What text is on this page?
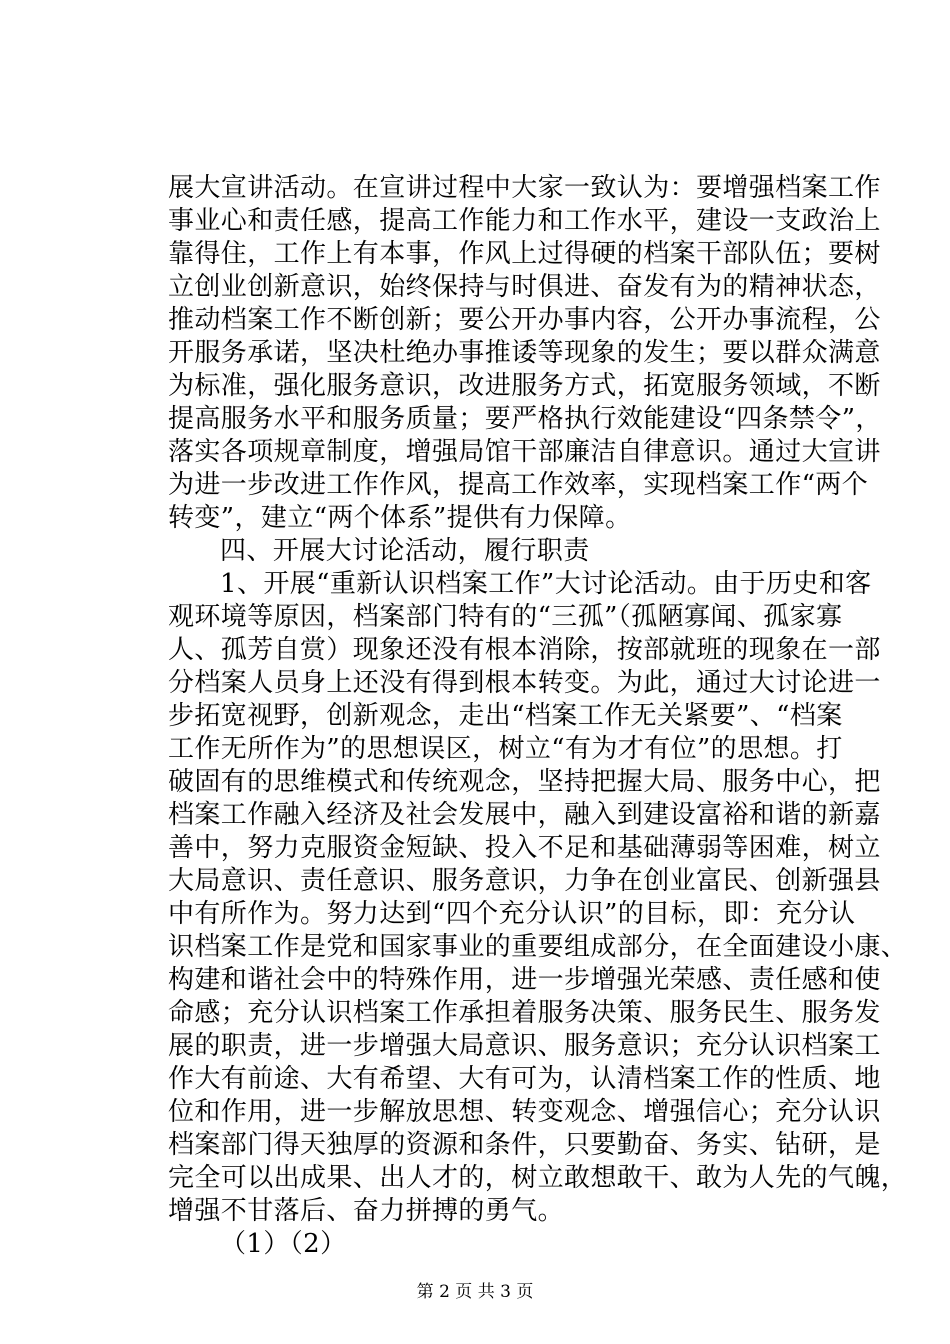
展大宣讲活动。在宣讲过程中大家一致认为：要增强档案工作
事业心和责任感，提高工作能力和工作水平，建设一支政治上
靠得住，工作上有本事，作风上过得硬的档案干部队伍；要树
立创业创新意识，始终保持与时俱进、奋发有为的精神状态，
推动档案工作不断创新；要公开办事内容，公开办事流程，公
开服务承诺，坚决杜绝办事推诿等现象的发生；要以群众满意
为标准，强化服务意识，改进服务方式，拓宽服务领域，不断
提高服务水平和服务质量；要严格执行效能建设“四条禁令”，
落实各项规章制度，增强局馆干部廉洁自律意识。通过大宣讲
为进一步改进工作作风，提高工作效率，实现档案工作“两个
转变”，建立“两个体系”提供有力保障。
四、开展大讨论活动，履行职责
1、开展“重新认识档案工作”大讨论活动。由于历史和客
观环境等原因，档案部门特有的“三孤”（孤陋寡闻、孤家寡
人、孤芳自赏）现象还没有根本消除，按部就班的现象在一部
分档案人员身上还没有得到根本转变。为此，通过大讨论进一
步拓宽视野，创新观念，走出“档案工作无关紧要”、“档案
工作无所作为”的思想误区，树立“有为才有位”的思想。打
破固有的思维模式和传统观念，坚持把握大局、服务中心，把
档案工作融入经济及社会发展中，融入到建设富裕和谐的新嘉
善中，努力克服资金短缺、投入不足和基础薄弱等困难，树立
大局意识、责任意识、服务意识，力争在创业富民、创新强县
中有所作为。努力达到“四个充分认识”的目标，即：充分认
识档案工作是党和国家事业的重要组成部分，在全面建设小康、
构建和谐社会中的特殊作用，进一步增强光荣感、责任感和使
命感；充分认识档案工作承担着服务决策、服务民生、服务发
展的职责，进一步增强大局意识、服务意识；充分认识档案工
作大有前途、大有希望、大有可为，认清档案工作的性质、地
位和作用，进一步解放思想、转变观念、增强信心；充分认识
档案部门得天独厚的资源和条件，只要勤奋、务实、钻研，是
完全可以出成果、出人才的，树立敢想敢干、敢为人先的气魄，
增强不甘落后、奋力拼搏的勇气。
（1）（2）
第 2 页 共 3 页
